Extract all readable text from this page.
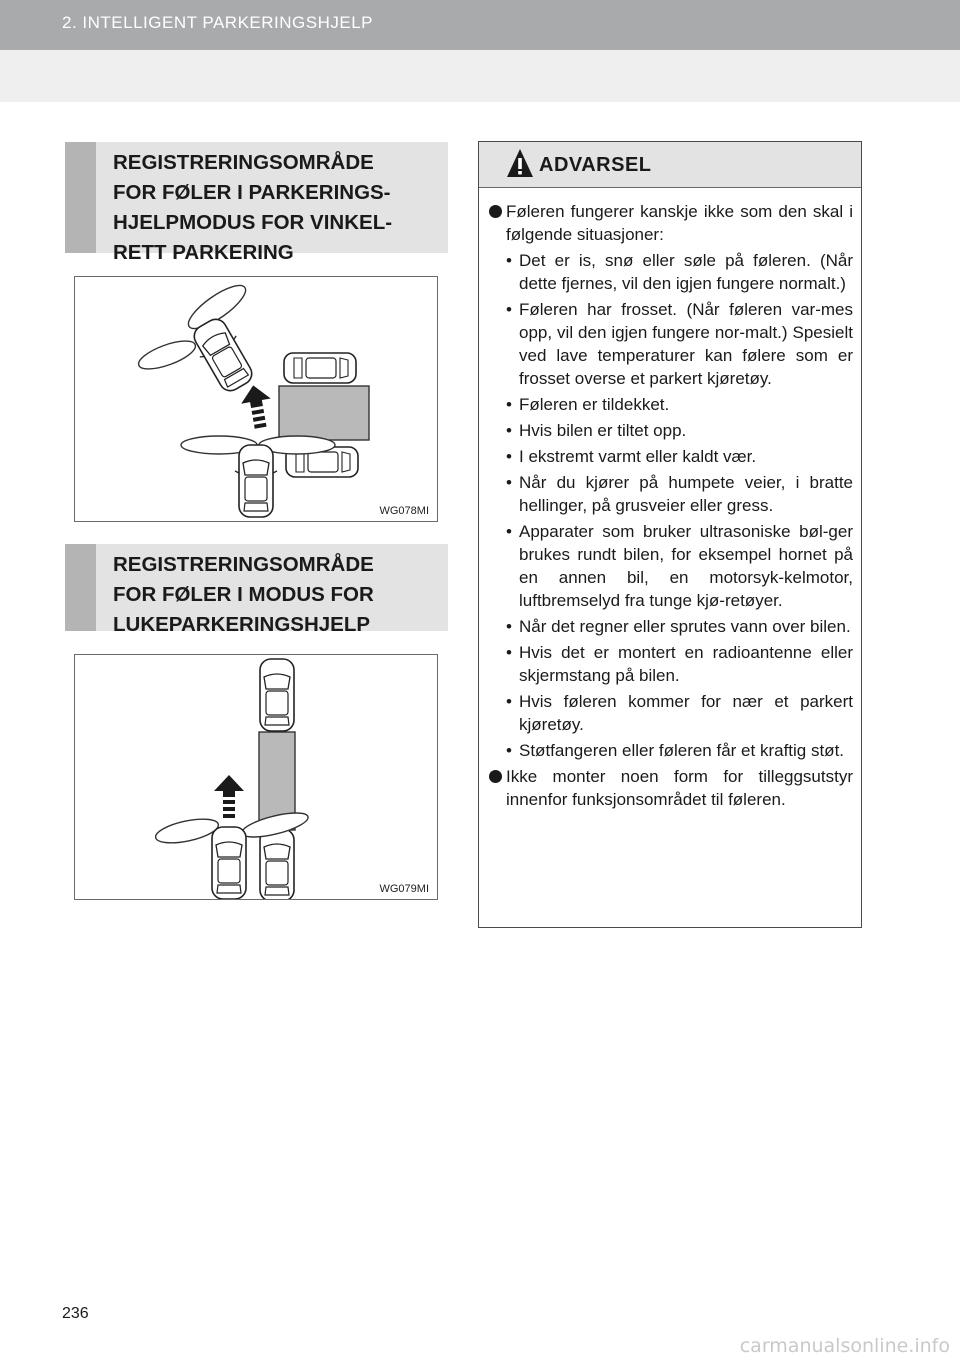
2. INTELLIGENT PARKERINGSHJELP
REGISTRERINGSOMRÅDE
FOR FØLER I PARKERINGS-
HJELPMODUS FOR VINKEL-
RETT PARKERING
WG078MI
REGISTRERINGSOMRÅDE
FOR FØLER I MODUS FOR
LUKEPARKERINGSHJELP
WG079MI
ADVARSEL
Føleren fungerer kanskje ikke som den skal i følgende situasjoner:
• Det er is, snø eller søle på føleren. (Når dette fjernes, vil den igjen fungere normalt.)
• Føleren har frosset. (Når føleren var-mes opp, vil den igjen fungere nor-malt.) Spesielt ved lave temperaturer kan følere som er frosset overse et parkert kjøretøy.
• Føleren er tildekket.
• Hvis bilen er tiltet opp.
• I ekstremt varmt eller kaldt vær.
• Når du kjører på humpete veier, i bratte hellinger, på grusveier eller gress.
• Apparater som bruker ultrasoniske bøl-ger brukes rundt bilen, for eksempel hornet på en annen bil, en motorsyk-kelmotor, luftbremselyd fra tunge kjø-retøyer.
• Når det regner eller sprutes vann over bilen.
• Hvis det er montert en radioantenne eller skjermstang på bilen.
• Hvis føleren kommer for nær et parkert kjøretøy.
• Støtfangeren eller føleren får et kraftig støt.
Ikke monter noen form for tilleggsutstyr innenfor funksjonsområdet til føleren.
236
carmanualsonline.info
